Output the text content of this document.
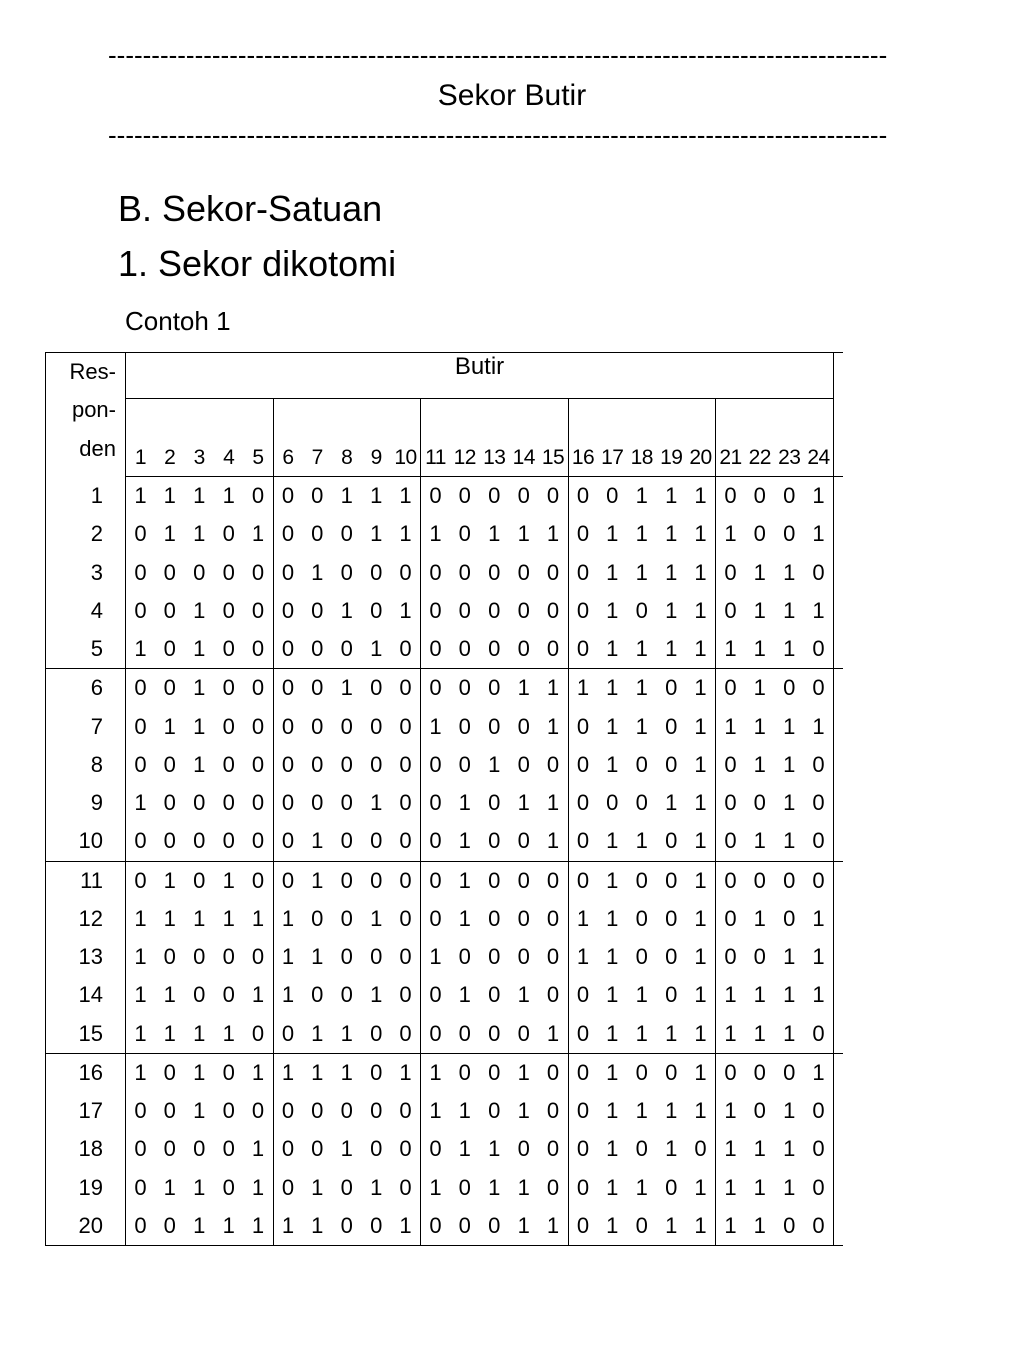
------------------------------------------------------------------------------------------
Sekor Butir
------------------------------------------------------------------------------------------
B. Sekor-Satuan
1. Sekor dikotomi
Contoh 1
Res-
pon-
den	Butir																								

	1	2	3	4	5	6	7	8	9	10	11	12	13	14	15	16	17	18	19	20	21	22	23	24	
1	1	1	1	1	0	0	0	1	1	1	0	0	0	0	0	0	0	1	1	1	0	0	0	1	
2	0	1	1	0	1	0	0	0	1	1	1	0	1	1	1	0	1	1	1	1	1	0	0	1	
3	0	0	0	0	0	0	1	0	0	0	0	0	0	0	0	0	1	1	1	1	0	1	1	0	
4	0	0	1	0	0	0	0	1	0	1	0	0	0	0	0	0	1	0	1	1	0	1	1	1	
5	1	0	1	0	0	0	0	0	1	0	0	0	0	0	0	0	1	1	1	1	1	1	1	0	
6	0	0	1	0	0	0	0	1	0	0	0	0	0	1	1	1	1	1	0	1	0	1	0	0	
7	0	1	1	0	0	0	0	0	0	0	1	0	0	0	1	0	1	1	0	1	1	1	1	1	
8	0	0	1	0	0	0	0	0	0	0	0	0	1	0	0	0	1	0	0	1	0	1	1	0	
9	1	0	0	0	0	0	0	0	1	0	0	1	0	1	1	0	0	0	1	1	0	0	1	0	
10	0	0	0	0	0	0	1	0	0	0	0	1	0	0	1	0	1	1	0	1	0	1	1	0	
11	0	1	0	1	0	0	1	0	0	0	0	1	0	0	0	0	1	0	0	1	0	0	0	0	
12	1	1	1	1	1	1	0	0	1	0	0	1	0	0	0	1	1	0	0	1	0	1	0	1	
13	1	0	0	0	0	1	1	0	0	0	1	0	0	0	0	1	1	0	0	1	0	0	1	1	
14	1	1	0	0	1	1	0	0	1	0	0	1	0	1	0	0	1	1	0	1	1	1	1	1	
15	1	1	1	1	0	0	1	1	0	0	0	0	0	0	1	0	1	1	1	1	1	1	1	0	
16	1	0	1	0	1	1	1	1	0	1	1	0	0	1	0	0	1	0	0	1	0	0	0	1	
17	0	0	1	0	0	0	0	0	0	0	1	1	0	1	0	0	1	1	1	1	1	0	1	0	
18	0	0	0	0	1	0	0	1	0	0	0	1	1	0	0	0	1	0	1	0	1	1	1	0	
19	0	1	1	0	1	0	1	0	1	0	1	0	1	1	0	0	1	1	0	1	1	1	1	0	
20	0	0	1	1	1	1	1	0	0	1	0	0	0	1	1	0	1	0	1	1	1	1	0	0	
